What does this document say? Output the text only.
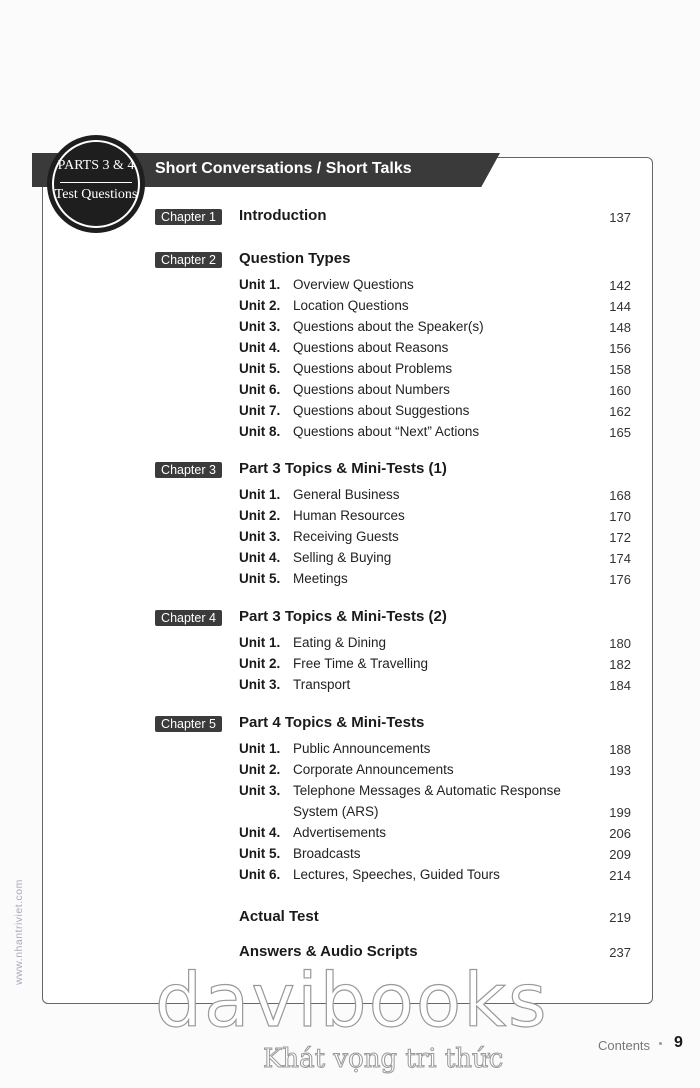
Short Conversations / Short Talks
PARTS 3 & 4
Test Questions
Chapter 1	Introduction	137
Chapter 2	Question Types
Unit 1. Overview Questions	142
Unit 2. Location Questions	144
Unit 3. Questions about the Speaker(s)	148
Unit 4. Questions about Reasons	156
Unit 5. Questions about Problems	158
Unit 6. Questions about Numbers	160
Unit 7. Questions about Suggestions	162
Unit 8. Questions about “Next” Actions	165
Chapter 3	Part 3 Topics & Mini-Tests (1)
Unit 1. General Business	168
Unit 2. Human Resources	170
Unit 3. Receiving Guests	172
Unit 4. Selling & Buying	174
Unit 5. Meetings	176
Chapter 4	Part 3 Topics & Mini-Tests (2)
Unit 1. Eating & Dining	180
Unit 2. Free Time & Travelling	182
Unit 3. Transport	184
Chapter 5	Part 4 Topics & Mini-Tests
Unit 1. Public Announcements	188
Unit 2. Corporate Announcements	193
Unit 3. Telephone Messages & Automatic Response
System (ARS)	199
Unit 4. Advertisements	206
Unit 5. Broadcasts	209
Unit 6. Lectures, Speeches, Guided Tours	214
Actual Test	219
Answers & Audio Scripts	237
davibooks
Khát vọng tri thức	Contents 9
www.nhantriviet.com
